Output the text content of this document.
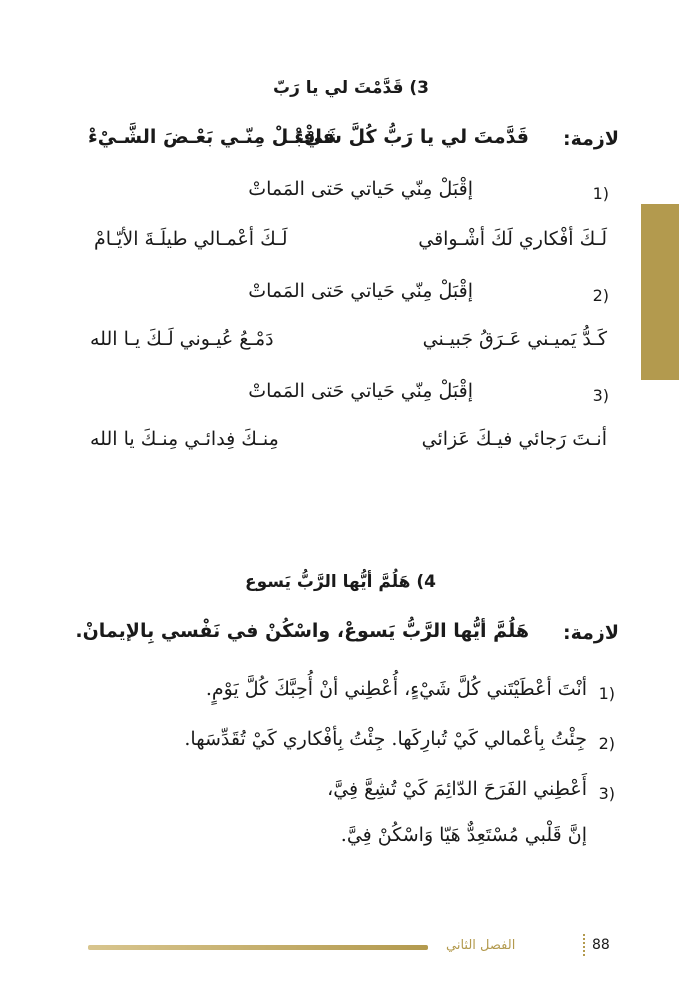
3) قَدَّمْتَ لي يا رَبّ
لازمة:
قَدَّمتَ لي يا رَبُّ كُلَّ شَيْءْ
فاقْبَـلْ مِنّـي بَعْـضَ الشَّـيْءْ
1)
إقْبَلْ مِنّي حَياتي حَتى المَماتْ
لَـكَ أفْكاري لَكَ أشْـواقي
لَـكَ أعْمـالي طيلَـةَ الأيّـامْ
2)
إقْبَلْ مِنّي حَياتي حَتى المَماتْ
كَـدُّ يَميـني عَـرَقُ جَبيـني
دَمْـعُ عُيـوني لَـكَ يـا الله
3)
إقْبَلْ مِنّي حَياتي حَتى المَماتْ
أنـتَ رَجائي فيـكَ عَزائي
مِنـكَ فِدائـي مِنـكَ يا الله
4) هَلُمَّ أيُّها الرَّبُّ يَسوع
لازمة:
هَلُمَّ أيُّها الرَّبُّ يَسوعْ، واسْكُنْ في نَفْسي بِالإيمانْ.
1)
أنْتَ أعْطَيْتَني كُلَّ شَيْءٍ، أُعْطِني أنْ أُحِبَّكَ كُلَّ يَوْمٍ.
2)
جِئْتُ بِأعْمالي كَيْ تُبارِكَها. جِئْتُ بِأفْكاري كَيْ تُقَدِّسَها.
3)
أَعْطِني الفَرَحَ الدّائِمَ كَيْ تُشِعَّ فِيَّ،
إنَّ قَلْبي مُسْتَعِدٌّ هَيّا وَاسْكُنْ فِيَّ.
الفصل الثاني	88
